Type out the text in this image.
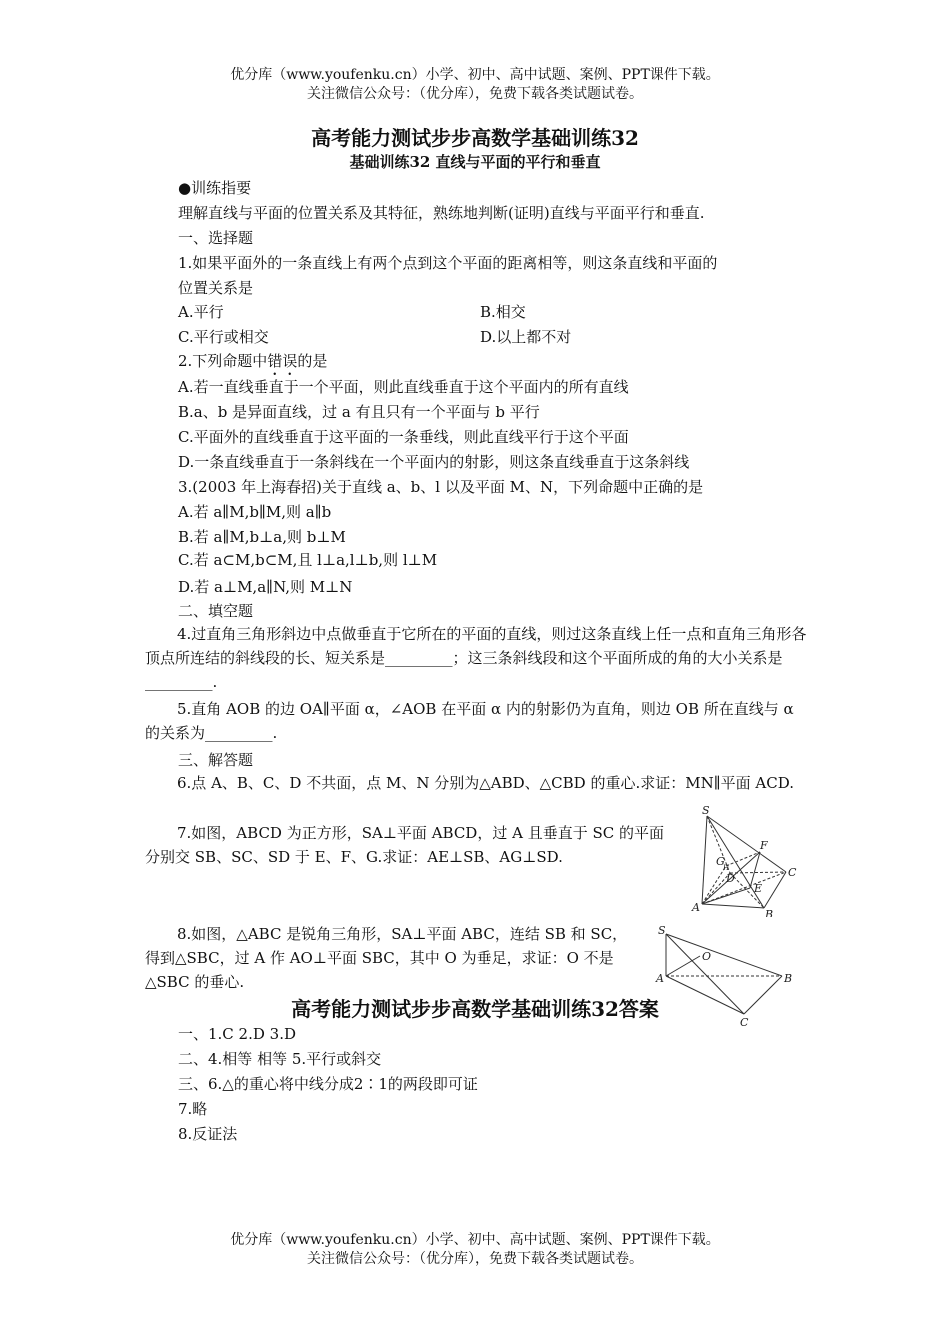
优分库（www.youfenku.cn）小学、初中、高中试题、案例、PPT课件下载。
关注微信公众号：（优分库），免费下载各类试题试卷。
高考能力测试步步高数学基础训练32
基础训练32 直线与平面的平行和垂直
●训练指要
理解直线与平面的位置关系及其特征，熟练地判断(证明)直线与平面平行和垂直.
一、选择题
1.如果平面外的一条直线上有两个点到这个平面的距离相等，则这条直线和平面的
位置关系是
A.平行	B.相交
C.平行或相交	D.以上都不对
2.下列命题中错误的是
A.若一直线垂直于一个平面，则此直线垂直于这个平面内的所有直线
B.a、b 是异面直线，过 a 有且只有一个平面与 b 平行
C.平面外的直线垂直于这平面的一条垂线，则此直线平行于这个平面
D.一条直线垂直于一条斜线在一个平面内的射影，则这条直线垂直于这条斜线
3.(2003 年上海春招)关于直线 a、b、l 以及平面 M、N，下列命题中正确的是
A.若 a∥M,b∥M,则 a∥b
B.若 a∥M,b⊥a,则 b⊥M
C.若 a⊂M,b⊂M,且 l⊥a,l⊥b,则 l⊥M
D.若 a⊥M,a∥N,则 M⊥N
二、填空题
4.过直角三角形斜边中点做垂直于它所在的平面的直线，则过这条直线上任一点和直角三角形各顶点所连结的斜线段的长、短关系是_________；这三条斜线段和这个平面所成的角的大小关系是_________.
5.直角 AOB 的边 OA∥平面 α，∠AOB 在平面 α 内的射影仍为直角，则边 OB 所在直线与 α 的关系为_________.
三、解答题
6.点 A、B、C、D 不共面，点 M、N 分别为△ABD、△CBD 的重心.求证：MN∥平面 ACD.
7.如图，ABCD 为正方形，SA⊥平面 ABCD，过 A 且垂直于 SC 的平面分别交 SB、SC、SD 于 E、F、G.求证：AE⊥SB、AG⊥SD.
S
F
G
H
D
E
C
A
B
8.如图，△ABC 是锐角三角形，SA⊥平面 ABC，连结 SB 和 SC，得到△SBC，过 A 作 AO⊥平面 SBC，其中 O 为垂足，求证：O 不是△SBC 的垂心.
S
O
A	B
C
高考能力测试步步高数学基础训练32答案
一、1.C 2.D 3.D
二、4.相等 相等 5.平行或斜交
三、6.△的重心将中线分成2∶1的两段即可证
7.略
8.反证法
优分库（www.youfenku.cn）小学、初中、高中试题、案例、PPT课件下载。
关注微信公众号：（优分库），免费下载各类试题试卷。
